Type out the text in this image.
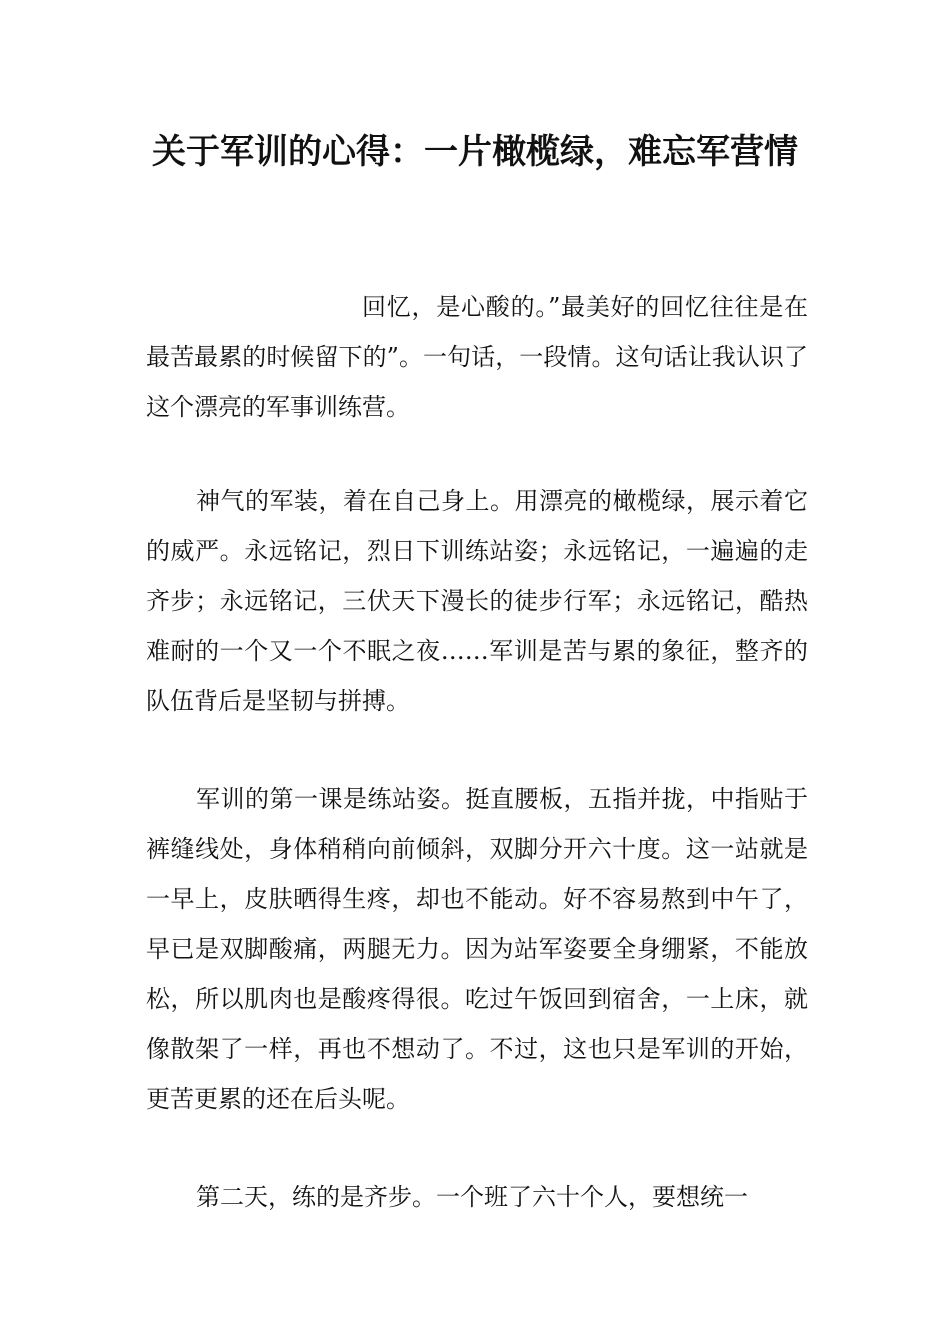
关于军训的心得：一片橄榄绿，难忘军营情

回忆，是心酸的。”最美好的回忆往往是在最苦最累的时候留下的”。一句话，一段情。这句话让我认识了这个漂亮的军事训练营。

神气的军装，着在自己身上。用漂亮的橄榄绿，展示着它的威严。永远铭记，烈日下训练站姿；永远铭记，一遍遍的走齐步；永远铭记，三伏天下漫长的徒步行军；永远铭记，酷热难耐的一个又一个不眠之夜……军训是苦与累的象征，整齐的队伍背后是坚韧与拼搏。

军训的第一课是练站姿。挺直腰板，五指并拢，中指贴于裤缝线处，身体稍稍向前倾斜，双脚分开六十度。这一站就是一早上，皮肤晒得生疼，却也不能动。好不容易熬到中午了，早已是双脚酸痛，两腿无力。因为站军姿要全身绷紧，不能放松，所以肌肉也是酸疼得很。吃过午饭回到宿舍，一上床，就像散架了一样，再也不想动了。不过，这也只是军训的开始，更苦更累的还在后头呢。

第二天，练的是齐步。一个班了六十个人，要想统一
